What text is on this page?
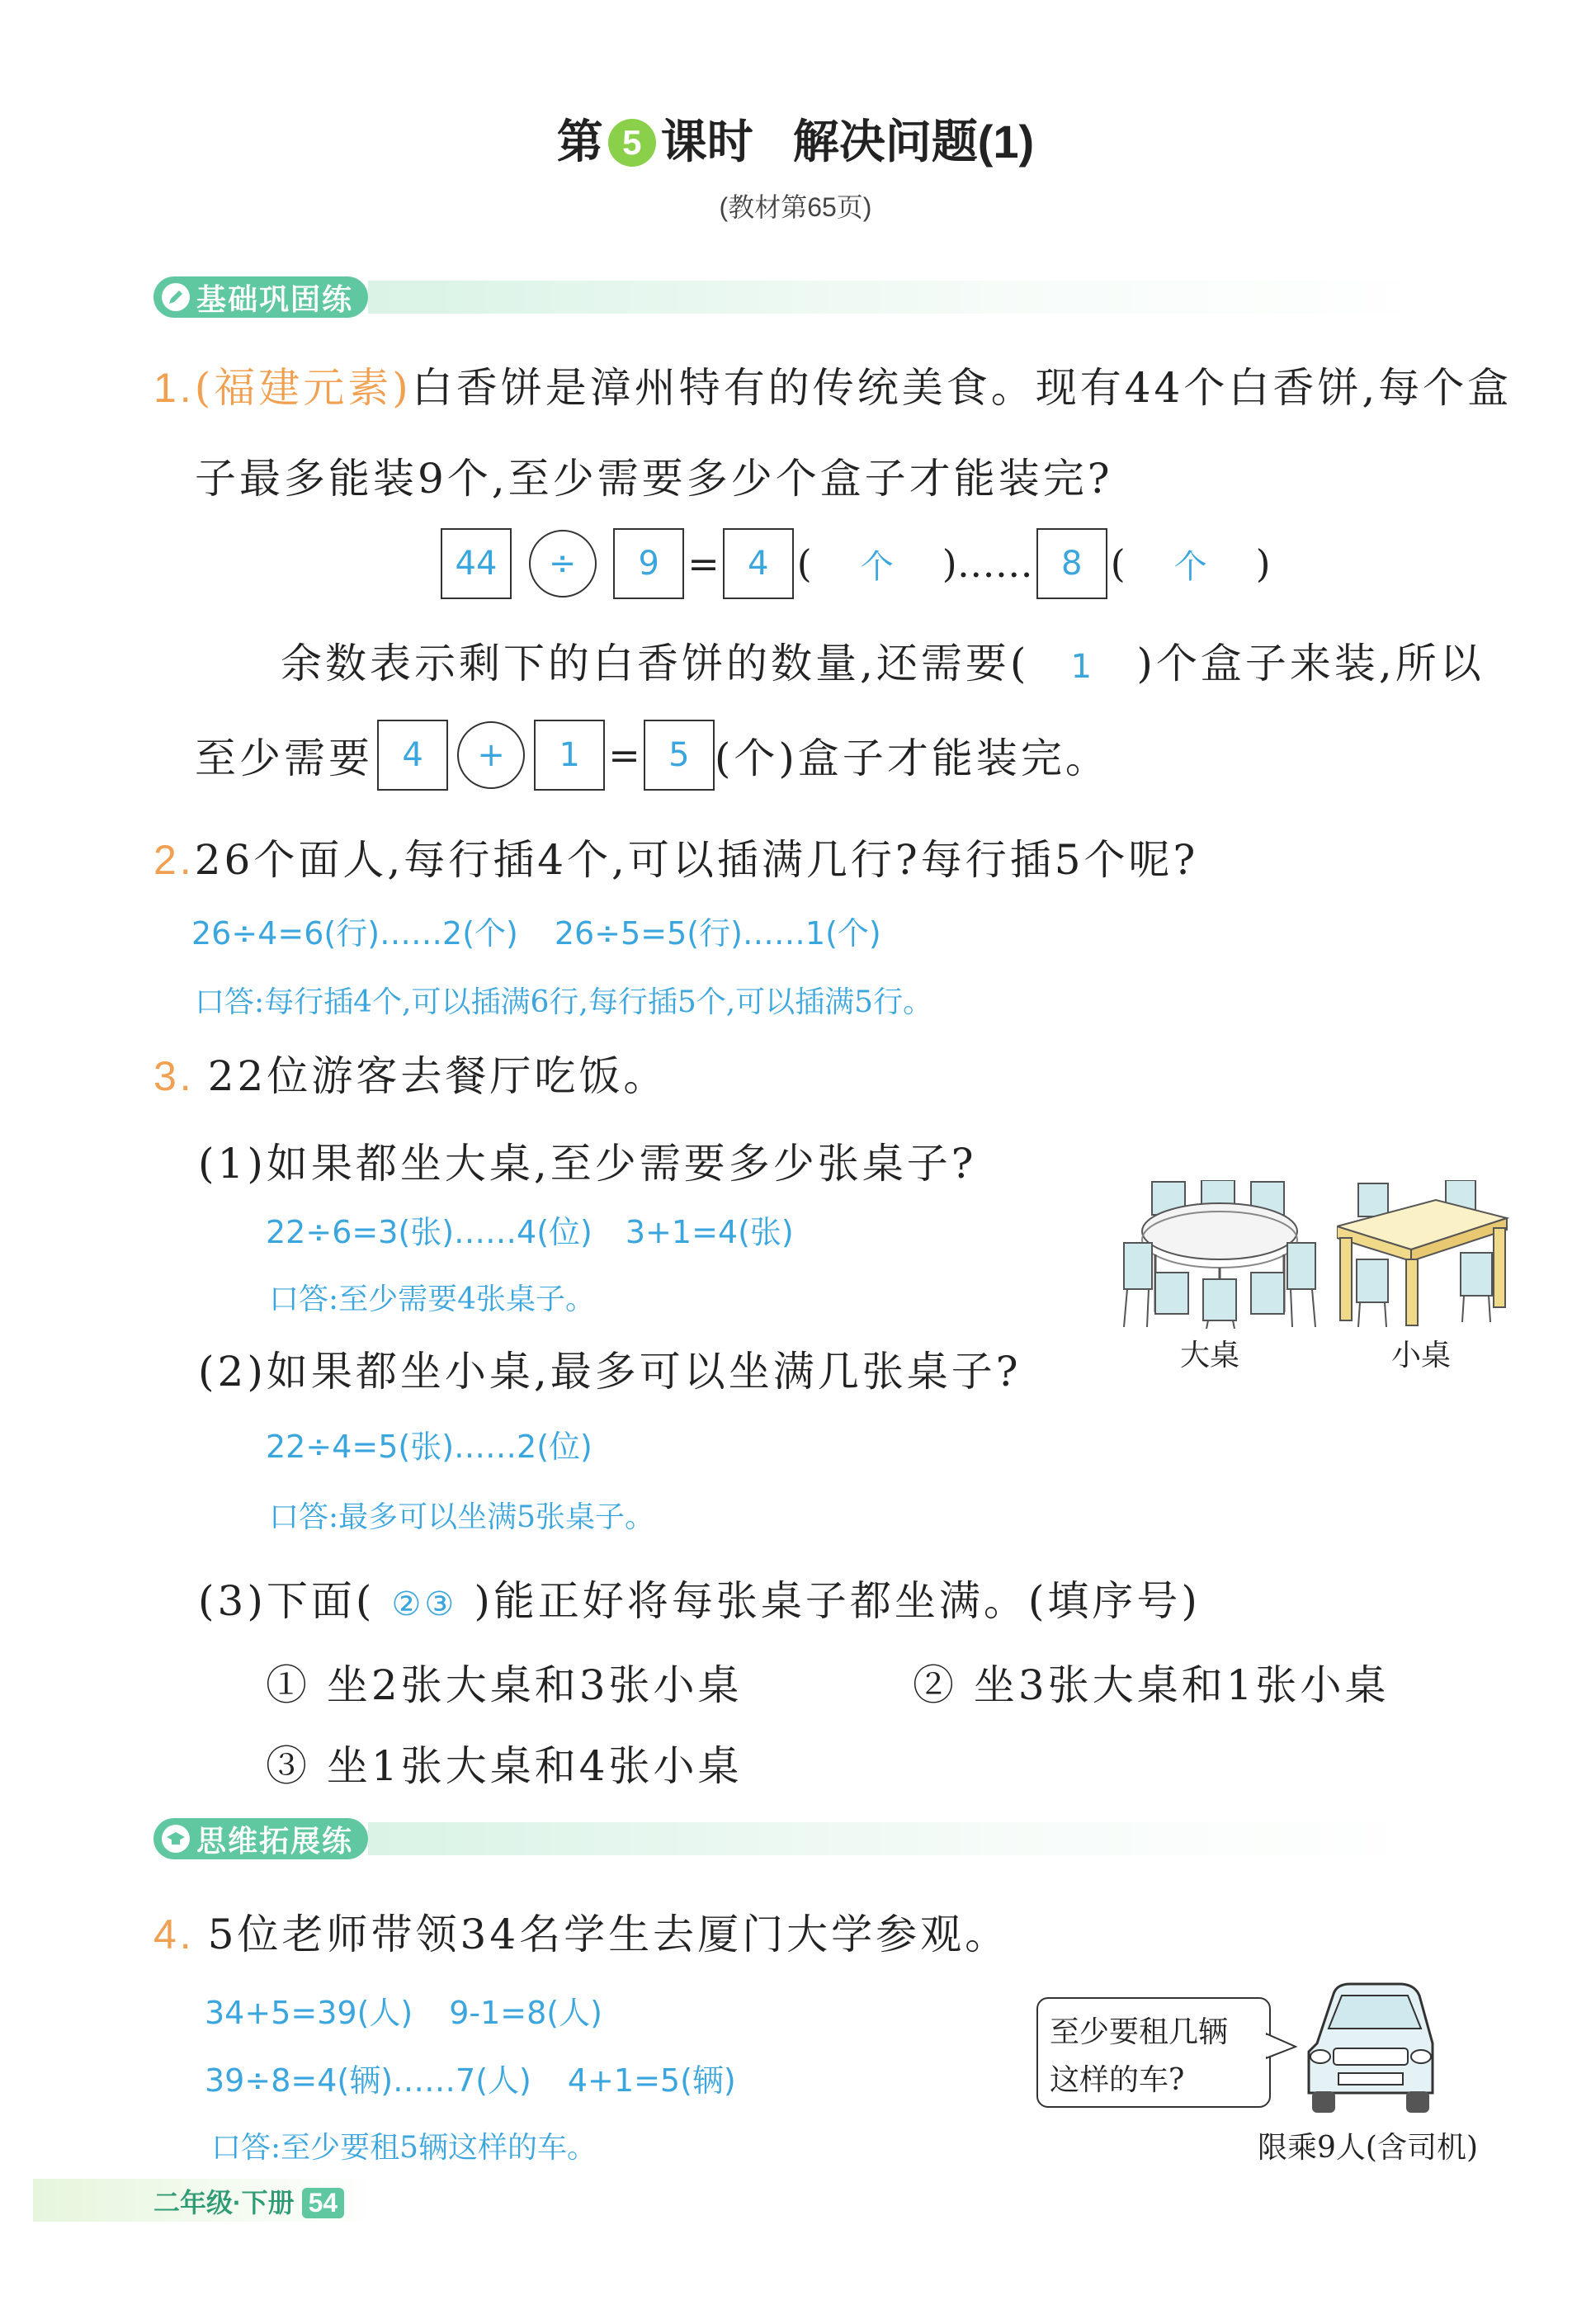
第 5 课时 解决问题(1)
(教材第65页)
基础巩固练
1.(福建元素)白香饼是漳州特有的传统美食。现有44个白香饼,每个盒
子最多能装9个,至少需要多少个盒子才能装完?
44 ÷ 9 = 4 ( 个 )…… 8 ( 个 )
余数表示剩下的白香饼的数量,还需要( 1 )个盒子来装,所以
至少需要 4 + 1 = 5 (个)盒子才能装完。
2.26个面人,每行插4个,可以插满几行?每行插5个呢?
26÷4=6(行)……2(个) 26÷5=5(行)……1(个)
口答:每行插4个,可以插满6行,每行插5个,可以插满5行。
3. 22位游客去餐厅吃饭。
(1)如果都坐大桌,至少需要多少张桌子?
22÷6=3(张)……4(位) 3+1=4(张)
口答:至少需要4张桌子。
(2)如果都坐小桌,最多可以坐满几张桌子?
22÷4=5(张)……2(位)
口答:最多可以坐满5张桌子。
(3)下面( ②③ )能正好将每张桌子都坐满。(填序号)
① 坐2张大桌和3张小桌	② 坐3张大桌和1张小桌
③ 坐1张大桌和4张小桌
大桌	小桌
思维拓展练
4. 5位老师带领34名学生去厦门大学参观。
34+5=39(人) 9-1=8(人)
39÷8=4(辆)……7(人) 4+1=5(辆)
口答:至少要租5辆这样的车。
至少要租几辆
这样的车?
限乘9人(含司机)
二年级·下册 54
